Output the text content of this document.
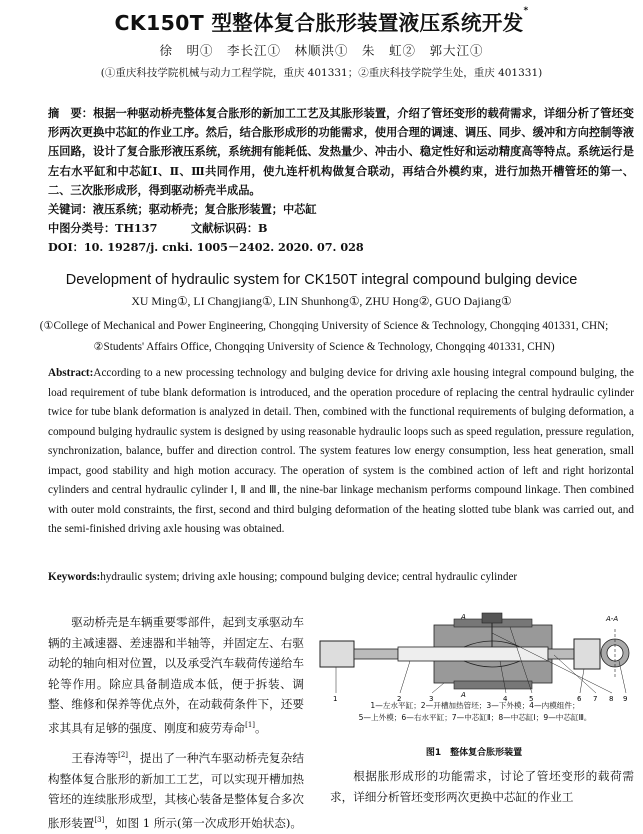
CK150T 型整体复合胀形装置液压系统开发*
徐　明①　李长江①　林顺洪①　朱　虹②　郭大江①
(①重庆科技学院机械与动力工程学院，重庆 401331；②重庆科技学院学生处，重庆 401331)
摘　要：根据一种驱动桥壳整体复合胀形的新加工工艺及其胀形装置，介绍了管坯变形的载荷需求，详细分析了管坯变形两次更换中芯缸的作业工序。然后，结合胀形成形的功能需求，使用合理的调速、调压、同步、缓冲和方向控制等液压回路，设计了复合胀形液压系统，系统拥有能耗低、发热量少、冲击小、稳定性好和运动精度高等特点。系统运行是左右水平缸和中芯缸Ⅰ、Ⅱ、Ⅲ共同作用，使九连杆机构做复合联动，再结合外模约束，进行加热开槽管坯的第一、二、三次胀形成形，得到驱动桥壳半成品。
关键词：液压系统；驱动桥壳；复合胀形装置；中芯缸
中图分类号：TH137　　　文献标识码：B
DOI：10. 19287/j. cnki. 1005－2402. 2020. 07. 028
Development of hydraulic system for CK150T integral compound bulging device
XU Ming①, LI Changjiang①, LIN Shunhong①, ZHU Hong②, GUO Dajiang①
(①College of Mechanical and Power Engineering, Chongqing University of Science & Technology, Chongqing 401331, CHN; ②Students' Affairs Office, Chongqing University of Science & Technology, Chongqing 401331, CHN)
Abstract:According to a new processing technology and bulging device for driving axle housing integral compound bulging, the load requirement of tube blank deformation is introduced, and the operation procedure of replacing the central hydraulic cylinder twice for tube blank deformation is analyzed in detail. Then, combined with the functional requirements of bulging deformation, a compound bulging hydraulic system is designed by using reasonable hydraulic loops such as speed regulation, pressure regulation, synchronization, balance, buffer and direction control. The system features low energy consumption, less heat generation, small impact, good stability and high motion accuracy. The operation of system is the combined action of left and right horizontal cylinders and central hydraulic cylinder Ⅰ, Ⅱ and Ⅲ, the nine-bar linkage mechanism performs compound linkage. Then combined with outer mold constraints, the first, second and third bulging deformation of the heating slotted tube blank was carried out, and the semi-finished driving axle housing was obtained.
Keywords:hydraulic system; driving axle housing; compound bulging device; central hydraulic cylinder

驱动桥壳是车辆重要零部件，起到支承驱动车辆的主减速器、差速器和半轴等，并固定左、右驱动轮的轴向相对位置，以及承受汽车载荷传递给车轮等作用。除应具备制造成本低，便于拆装、调整、维修和保养等优点外，在动载荷条件下，还要求其具有足够的强度、刚度和疲劳寿命[1]。

王春涛等[2]，提出了一种汽车驱动桥壳复杂结构整体复合胀形的新加工工艺，可以实现开槽加热管坯的连续胀形成型，其核心装备是整体复合多次胀形装置[3]，如图 1 所示(第一次成形开始状态)。

A-A
A
A
1	2	3	4	5	6 7 8 9
1—左水平缸；2—开槽加热管坯；3—下外模；4—内模组件；
5—上外模；6—右水平缸；7—中芯缸Ⅱ；8—中芯缸Ⅰ；9—中芯缸Ⅲ。
图1　整体复合胀形装置

根据胀形成形的功能需求，讨论了管坯变形的载荷需求，详细分析管坯变形两次更换中芯缸的作业工
